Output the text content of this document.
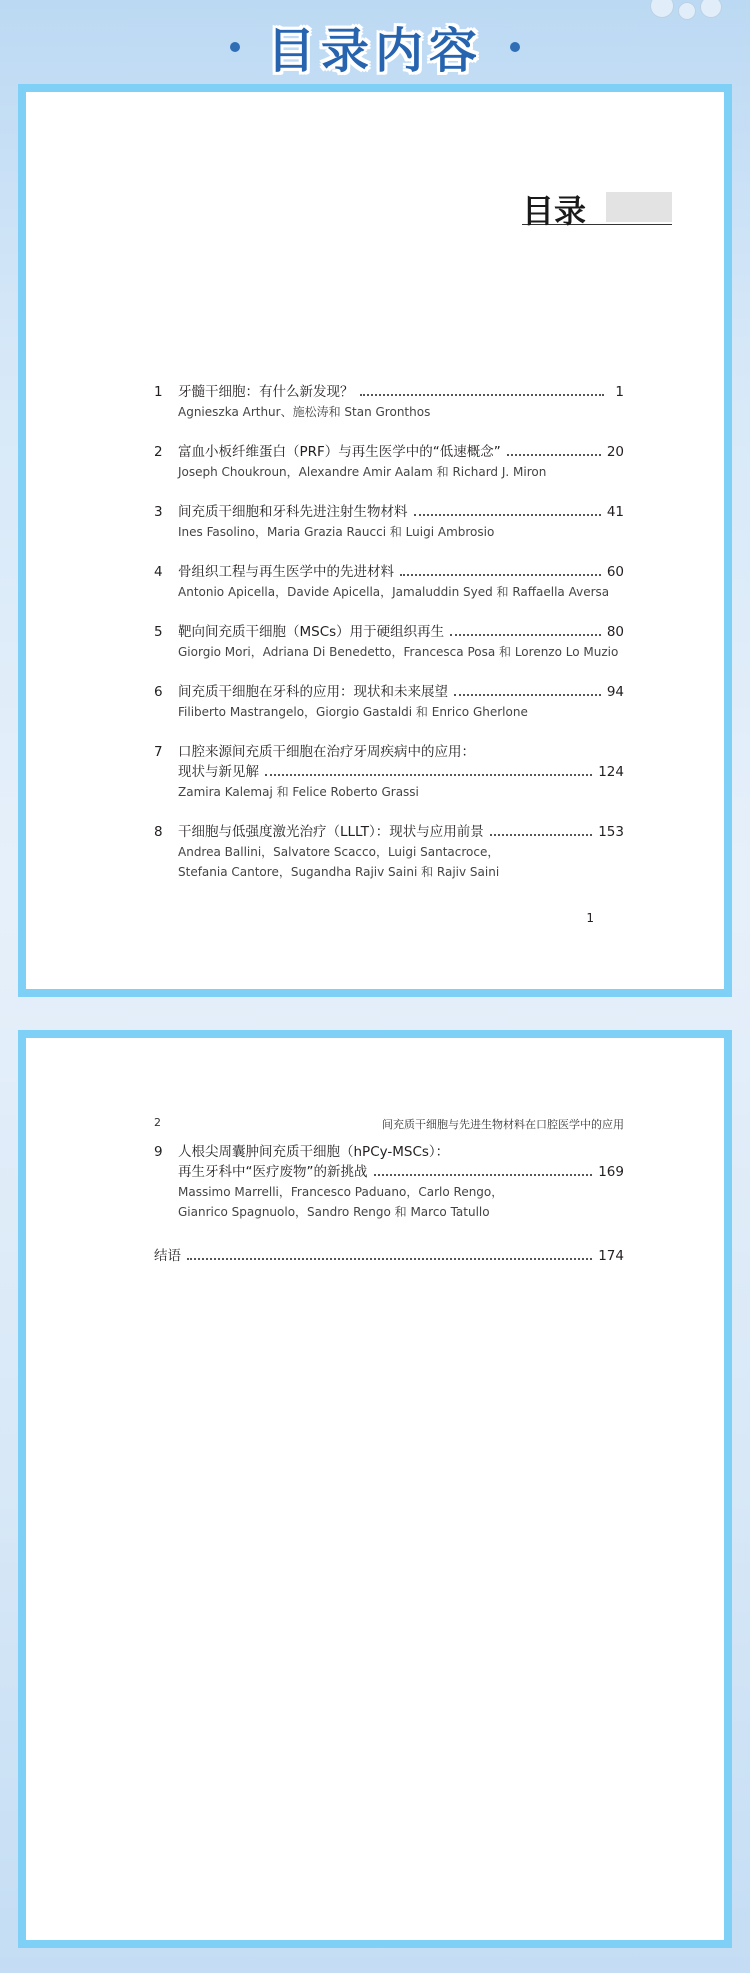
目录内容
目录
1	牙髓干细胞：有什么新发现？	1
Agnieszka Arthur、施松涛和 Stan Gronthos
2	富血小板纤维蛋白（PRF）与再生医学中的“低速概念”	20
Joseph Choukroun，Alexandre Amir Aalam 和 Richard J. Miron
3	间充质干细胞和牙科先进注射生物材料	41
Ines Fasolino，Maria Grazia Raucci 和 Luigi Ambrosio
4	骨组织工程与再生医学中的先进材料	60
Antonio Apicella，Davide Apicella，Jamaluddin Syed 和 Raffaella Aversa
5	靶向间充质干细胞（MSCs）用于硬组织再生	80
Giorgio Mori，Adriana Di Benedetto，Francesca Posa 和 Lorenzo Lo Muzio
6	间充质干细胞在牙科的应用：现状和未来展望	94
Filiberto Mastrangelo，Giorgio Gastaldi 和 Enrico Gherlone
7	口腔来源间充质干细胞在治疗牙周疾病中的应用：
现状与新见解	124
Zamira Kalemaj 和 Felice Roberto Grassi
8	干细胞与低强度激光治疗（LLLT）：现状与应用前景	153
Andrea Ballini，Salvatore Scacco，Luigi Santacroce，
Stefania Cantore，Sugandha Rajiv Saini 和 Rajiv Saini
1
2	间充质干细胞与先进生物材料在口腔医学中的应用
9	人根尖周囊肿间充质干细胞（hPCy-MSCs）：
再生牙科中“医疗废物”的新挑战	169
Massimo Marrelli，Francesco Paduano，Carlo Rengo，
Gianrico Spagnuolo，Sandro Rengo 和 Marco Tatullo
结语	174
